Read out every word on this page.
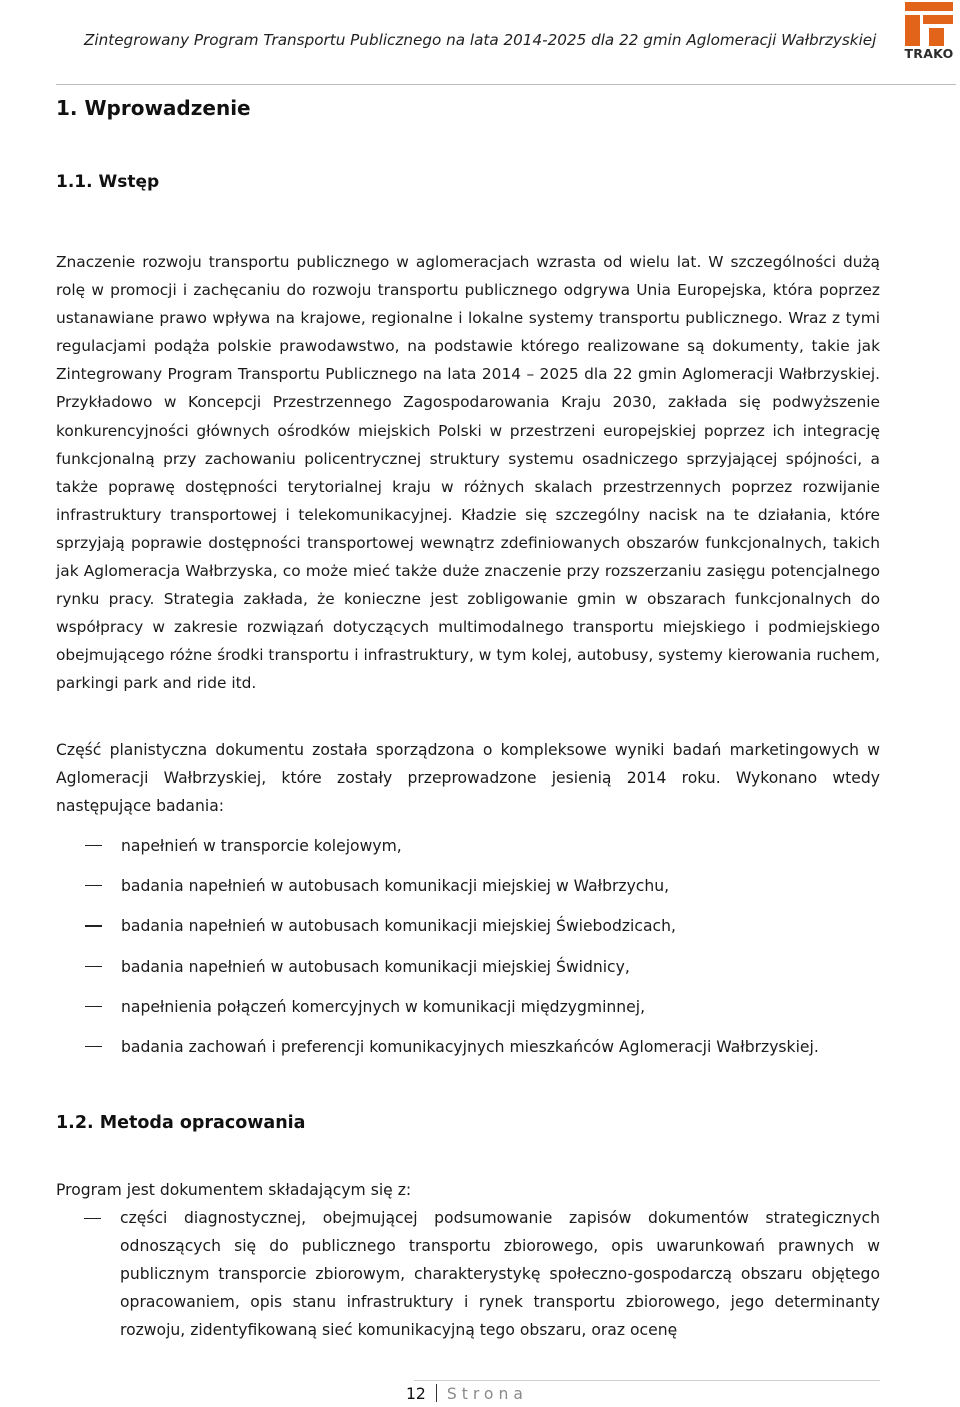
Zintegrowany Program Transportu Publicznego na lata 2014-2025 dla 22 gmin Aglomeracji Wałbrzyskiej
TRAKO
1. Wprowadzenie
1.1. Wstęp

Znaczenie rozwoju transportu publicznego w aglomeracjach wzrasta od wielu lat. W szczególności dużą rolę w promocji i zachęcaniu do rozwoju transportu publicznego odgrywa Unia Europejska, która poprzez ustanawiane prawo wpływa na krajowe, regionalne i lokalne systemy transportu publicznego. Wraz z tymi regulacjami podąża polskie prawodawstwo, na podstawie którego realizowane są dokumenty, takie jak Zintegrowany Program Transportu Publicznego na lata 2014 – 2025 dla 22 gmin Aglomeracji Wałbrzyskiej. Przykładowo w Koncepcji Przestrzennego Zagospodarowania Kraju 2030, zakłada się podwyższenie konkurencyjności głównych ośrodków miejskich Polski w przestrzeni europejskiej poprzez ich integrację funkcjonalną przy zachowaniu policentrycznej struktury systemu osadniczego sprzyjającej spójności, a także poprawę dostępności terytorialnej kraju w różnych skalach przestrzennych poprzez rozwijanie infrastruktury transportowej i telekomunikacyjnej. Kładzie się szczególny nacisk na te działania, które sprzyjają poprawie dostępności transportowej wewnątrz zdefiniowanych obszarów funkcjonalnych, takich jak Aglomeracja Wałbrzyska, co może mieć także duże znaczenie przy rozszerzaniu zasięgu potencjalnego rynku pracy. Strategia zakłada, że konieczne jest zobligowanie gmin w obszarach funkcjonalnych do współpracy w zakresie rozwiązań dotyczących multimodalnego transportu miejskiego i podmiejskiego obejmującego różne środki transportu i infrastruktury, w tym kolej, autobusy, systemy kierowania ruchem, parkingi park and ride itd.

Część planistyczna dokumentu została sporządzona o kompleksowe wyniki badań marketingowych w Aglomeracji Wałbrzyskiej, które zostały przeprowadzone jesienią 2014 roku. Wykonano wtedy następujące badania:

napełnień w transporcie kolejowym,
badania napełnień w autobusach komunikacji miejskiej w Wałbrzychu,
badania napełnień w autobusach komunikacji miejskiej Świebodzicach,
badania napełnień w autobusach komunikacji miejskiej Świdnicy,
napełnienia połączeń komercyjnych w komunikacji międzygminnej,
badania zachowań i preferencji komunikacyjnych mieszkańców Aglomeracji Wałbrzyskiej.
1.2. Metoda opracowania

Program jest dokumentem składającym się z:

części diagnostycznej, obejmującej podsumowanie zapisów dokumentów strategicznych odnoszących się do publicznego transportu zbiorowego, opis uwarunkowań prawnych w publicznym transporcie zbiorowym, charakterystykę społeczno-gospodarczą obszaru objętego opracowaniem, opis stanu infrastruktury i rynek transportu zbiorowego, jego determinanty rozwoju, zidentyfikowaną sieć komunikacyjną tego obszaru, oraz ocenę
12 Strona
